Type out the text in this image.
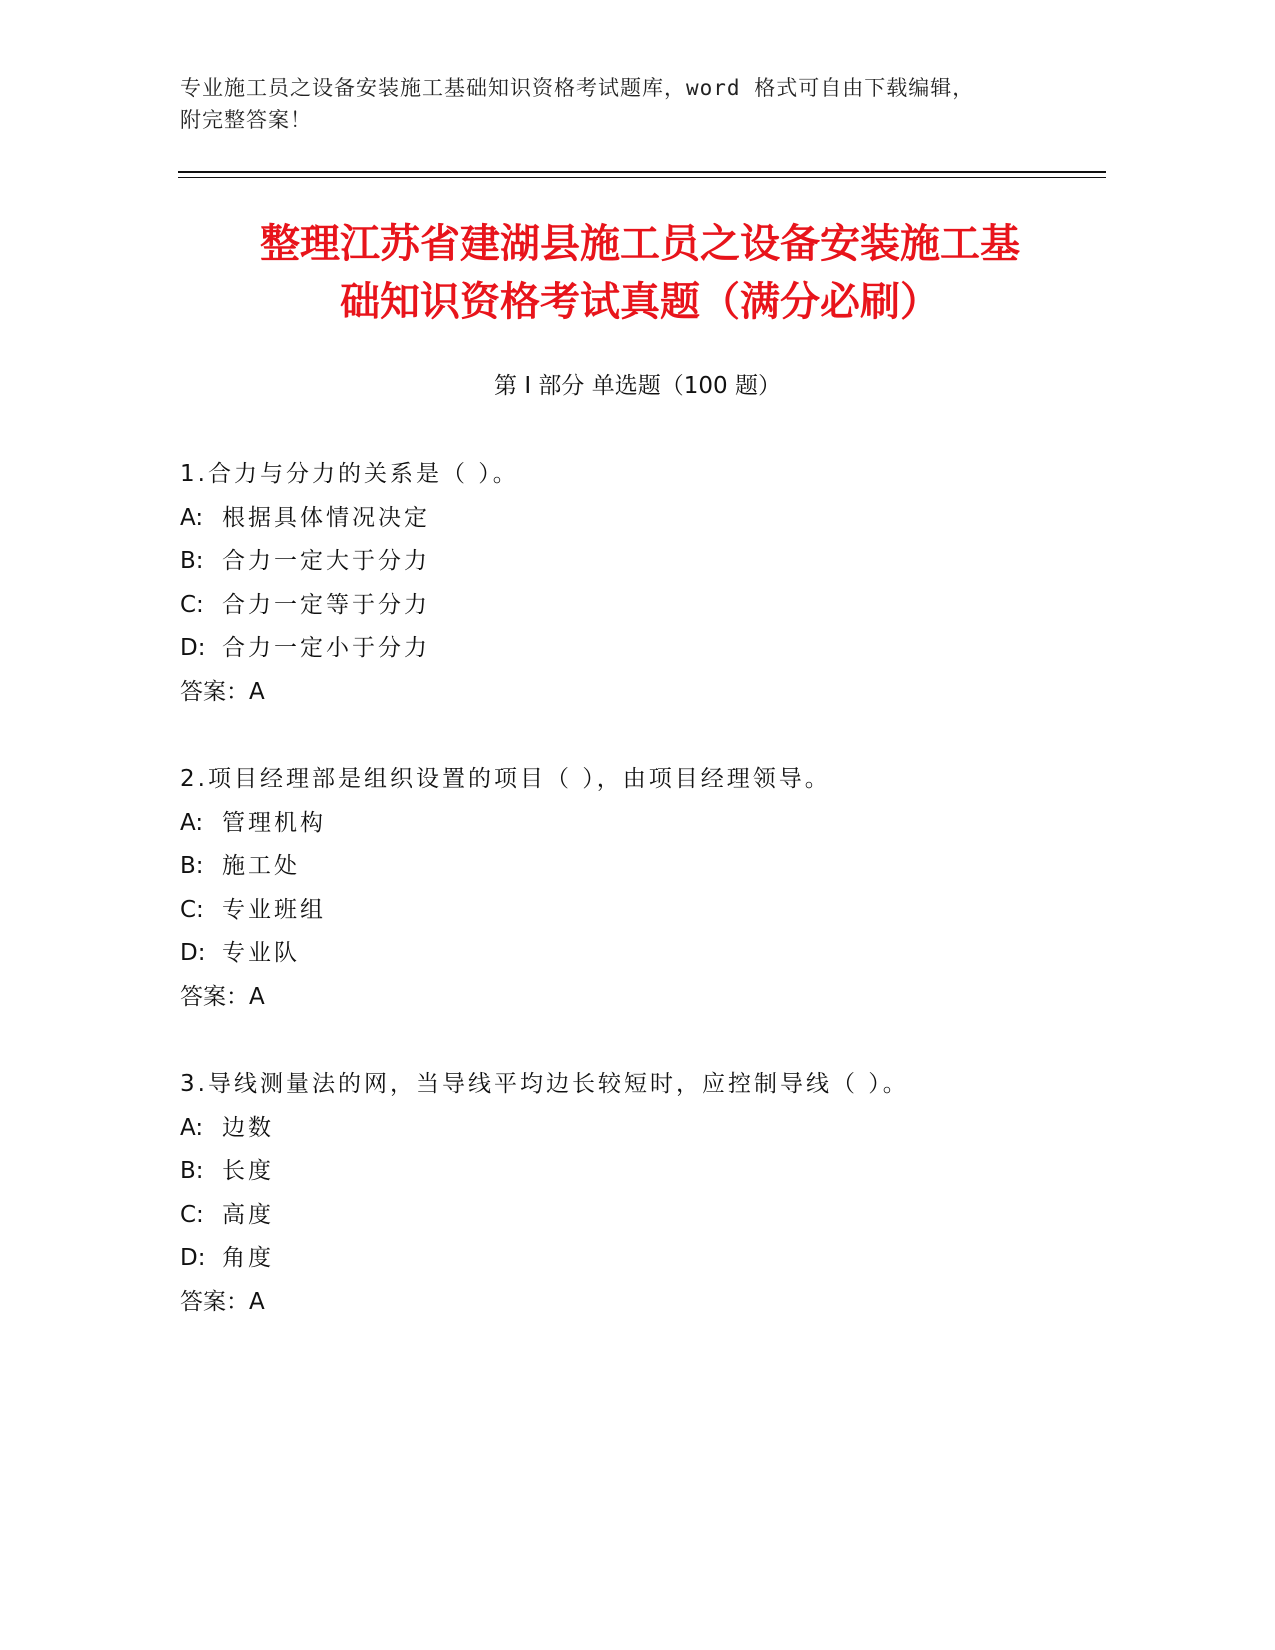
专业施工员之设备安装施工基础知识资格考试题库，word 格式可自由下载编辑，
附完整答案！
整理江苏省建湖县施工员之设备安装施工基
础知识资格考试真题（满分必刷）
第 I 部分 单选题（100 题）
1.合力与分力的关系是（ ）。
A: 根据具体情况决定
B: 合力一定大于分力
C: 合力一定等于分力
D: 合力一定小于分力
答案：A
2.项目经理部是组织设置的项目（ ），由项目经理领导。
A: 管理机构
B: 施工处
C: 专业班组
D: 专业队
答案：A
3.导线测量法的网，当导线平均边长较短时，应控制导线（ ）。
A: 边数
B: 长度
C: 高度
D: 角度
答案：A
